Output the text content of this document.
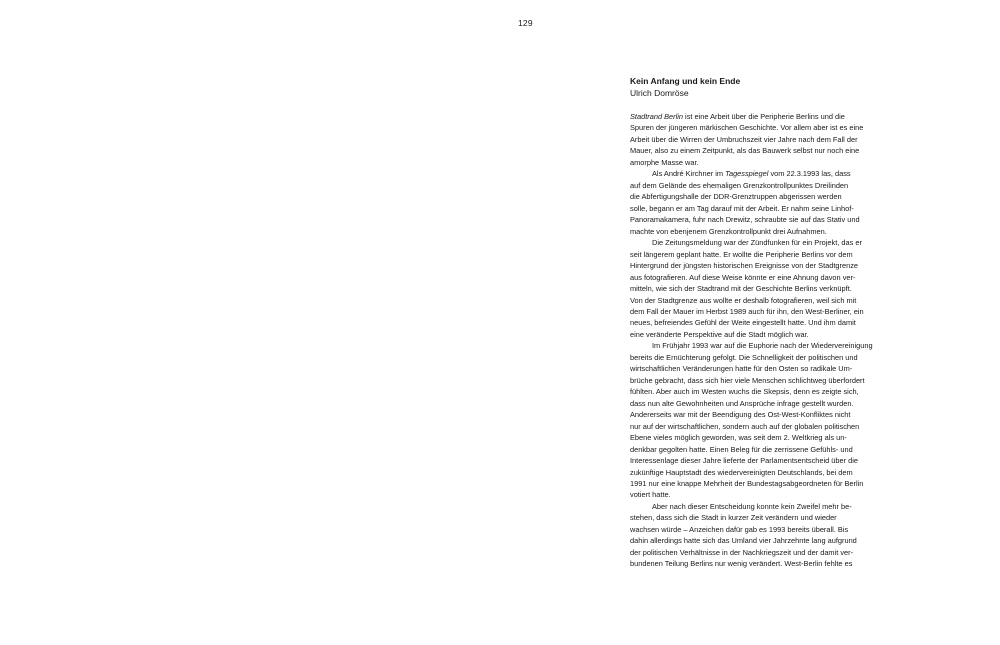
129
Kein Anfang und kein Ende
Ulrich Domröse
Stadtrand Berlin ist eine Arbeit über die Peripherie Berlins und die
Spuren der jüngeren märkischen Geschichte. Vor allem aber ist es eine
Arbeit über die Wirren der Umbruchszeit vier Jahre nach dem Fall der
Mauer, also zu einem Zeitpunkt, als das Bauwerk selbst nur noch eine
amorphe Masse war.
Als André Kirchner im Tagesspiegel vom 22.3.1993 las, dass
auf dem Gelände des ehemaligen Grenzkontrollpunktes Dreilinden
die Abfertigungshalle der DDR-Grenztruppen abgerissen werden
solle, begann er am Tag darauf mit der Arbeit. Er nahm seine Linhof-
Panoramakamera, fuhr nach Drewitz, schraubte sie auf das Stativ und
machte von ebenjenem Grenzkontrollpunkt drei Aufnahmen.
Die Zeitungsmeldung war der Zündfunken für ein Projekt, das er
seit längerem geplant hatte. Er wollte die Peripherie Berlins vor dem
Hintergrund der jüngsten historischen Ereignisse von der Stadtgrenze
aus fotografieren. Auf diese Weise könnte er eine Ahnung davon ver-
mitteln, wie sich der Stadtrand mit der Geschichte Berlins verknüpft.
Von der Stadtgrenze aus wollte er deshalb fotografieren, weil sich mit
dem Fall der Mauer im Herbst 1989 auch für ihn, den West-Berliner, ein
neues, befreiendes Gefühl der Weite eingestellt hatte. Und ihm damit
eine veränderte Perspektive auf die Stadt möglich war.
Im Frühjahr 1993 war auf die Euphorie nach der Wiedervereinigung
bereits die Ernüchterung gefolgt. Die Schnelligkeit der politischen und
wirtschaftlichen Veränderungen hatte für den Osten so radikale Um-
brüche gebracht, dass sich hier viele Menschen schlichtweg überfordert
fühlten. Aber auch im Westen wuchs die Skepsis, denn es zeigte sich,
dass nun alte Gewohnheiten und Ansprüche infrage gestellt wurden.
Andererseits war mit der Beendigung des Ost-West-Konfliktes nicht
nur auf der wirtschaftlichen, sondern auch auf der globalen politischen
Ebene vieles möglich geworden, was seit dem 2. Weltkrieg als un-
denkbar gegolten hatte. Einen Beleg für die zerrissene Gefühls- und
Interessenlage dieser Jahre lieferte der Parlamentsentscheid über die
zukünftige Hauptstadt des wiedervereinigten Deutschlands, bei dem
1991 nur eine knappe Mehrheit der Bundestagsabgeordneten für Berlin
votiert hatte.
Aber nach dieser Entscheidung konnte kein Zweifel mehr be-
stehen, dass sich die Stadt in kurzer Zeit verändern und wieder
wachsen würde – Anzeichen dafür gab es 1993 bereits überall. Bis
dahin allerdings hatte sich das Umland vier Jahrzehnte lang aufgrund
der politischen Verhältnisse in der Nachkriegszeit und der damit ver-
bundenen Teilung Berlins nur wenig verändert. West-Berlin fehlte es
